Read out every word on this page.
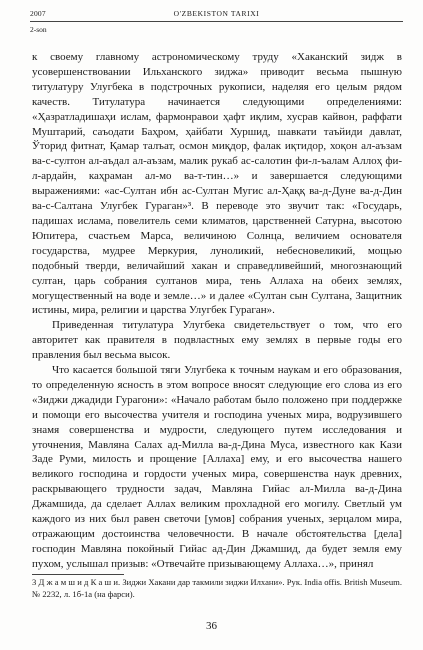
2007	O'ZBEKISTON TARIXI
2-son

к своему главному астрономическому труду «Хаканский зидж в усовершенствовании Ильханского зиджа» приводит весьма пышную титулатуру Улугбека в подстрочных рукописи, наделяя его целым рядом качеств. Титулатура начинается следующими определениями: «Ҳазратладишаҳи ислам, фармонравои ҳафт иқлим, хусрав кайвон, раффати Муштарий, саъодати Баҳром, ҳайбати Хуршид, шавкати таъйиди давлат, Ўторид фитнат, Қамар талъат, осмон миқдор, фалак иқтидор, хоқон ал-аъзам ва-с-султон ал-аъдал ал-аъзам, малик рукаб ас-салотин фи-л-ъалам Аллоҳ фи-л-ардайн, каҳраман ал-мо ва-т-тин…» и завершается следующими выражениями: «ас-Султан ибн ас-Султан Мугис ал-Ҳаққ ва-д-Дуне ва-д-Дин ва-с-Салтана Улугбек Гураган»³. В переводе это звучит так: «Государь, падишах ислама, повелитель семи климатов, царственней Сатурна, высотою Юпитера, счастьем Марса, величиною Солнца, величием основателя государства, мудрее Меркурия, луноликий, небесновеликий, мощью подобный тверди, величайший хакан и справедливейший, многознающий султан, царь собрания султанов мира, тень Аллаха на обеих землях, могущественный на воде и земле…» и далее «Султан сын Султана, Защитник истины, мира, религии и царства Улугбек Гураган».

Приведенная титулатура Улугбека свидетельствует о том, что его авторитет как правителя в подвластных ему землях в первые годы его правления был весьма высок.

Что касается большой тяги Улугбека к точным наукам и его образования, то определенную ясность в этом вопросе вносят следующие его слова из его «Зиджи джадиди Гурагони»: «Начало работам было положено при поддержке и помощи его высочества учителя и господина ученых мира, водрузившего знамя совершенства и мудрости, следующего путем исследования и уточнения, Мавляна Салах ад-Милла ва-д-Дина Муса, известного как Кази Заде Руми, милость и прощение [Аллаха] ему, и его высочества нашего великого господина и гордости ученых мира, совершенства наук древних, раскрывающего трудности задач, Мавляна Гийас ал-Милла ва-д-Дина Джамшида, да сделает Аллах великим прохладной его могилу. Светлый ум каждого из них был равен светочи [умов] собрания ученых, зерцалом мира, отражающим достоинства человечности. В начале обстоятельства [дела] господин Мавляна покойный Гийас ад-Дин Джамшид, да будет земля ему пухом, услышал призыв: «Отвечайте призывающему Аллаха…», принял

3 Д ж а м ш и д К а ш и. Зиджи Хакани дар такмили зиджи Илхани». Рук. India offis. British Museum. № 2232, л. 1б-1а (на фарси).

36
